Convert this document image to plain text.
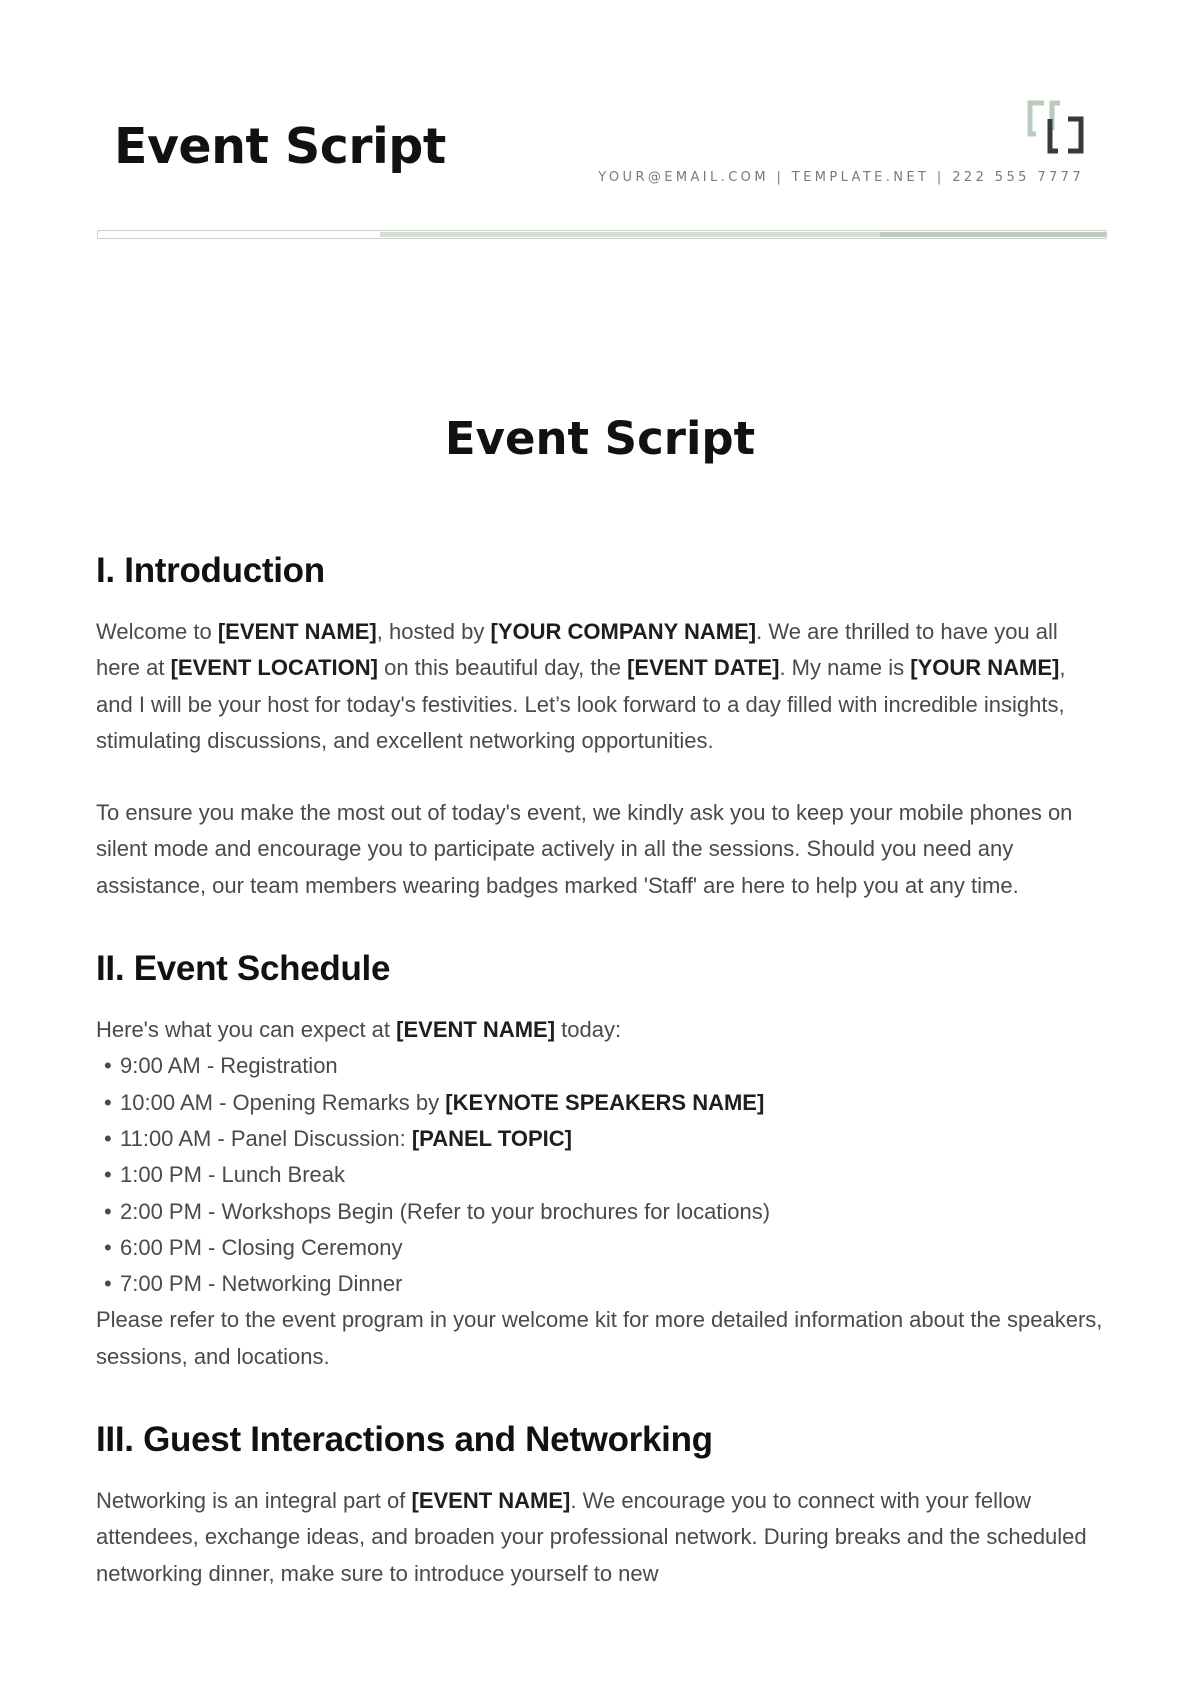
Event Script
YOUR@EMAIL.COM | TEMPLATE.NET | 222 555 7777
Event Script
I. Introduction

Welcome to [EVENT NAME], hosted by [YOUR COMPANY NAME]. We are thrilled to have you all here at [EVENT LOCATION] on this beautiful day, the [EVENT DATE]. My name is [YOUR NAME], and I will be your host for today's festivities. Let’s look forward to a day filled with incredible insights, stimulating discussions, and excellent networking opportunities.

To ensure you make the most out of today's event, we kindly ask you to keep your mobile phones on silent mode and encourage you to participate actively in all the sessions. Should you need any assistance, our team members wearing badges marked 'Staff' are here to help you at any time.

II. Event Schedule
Here's what you can expect at [EVENT NAME] today:
• 9:00 AM - Registration
• 10:00 AM - Opening Remarks by [KEYNOTE SPEAKERS NAME]
• 11:00 AM - Panel Discussion: [PANEL TOPIC]
• 1:00 PM - Lunch Break
• 2:00 PM - Workshops Begin (Refer to your brochures for locations)
• 6:00 PM - Closing Ceremony
• 7:00 PM - Networking Dinner

Please refer to the event program in your welcome kit for more detailed information about the speakers, sessions, and locations.

III. Guest Interactions and Networking

Networking is an integral part of [EVENT NAME]. We encourage you to connect with your fellow attendees, exchange ideas, and broaden your professional network. During breaks and the scheduled networking dinner, make sure to introduce yourself to new
